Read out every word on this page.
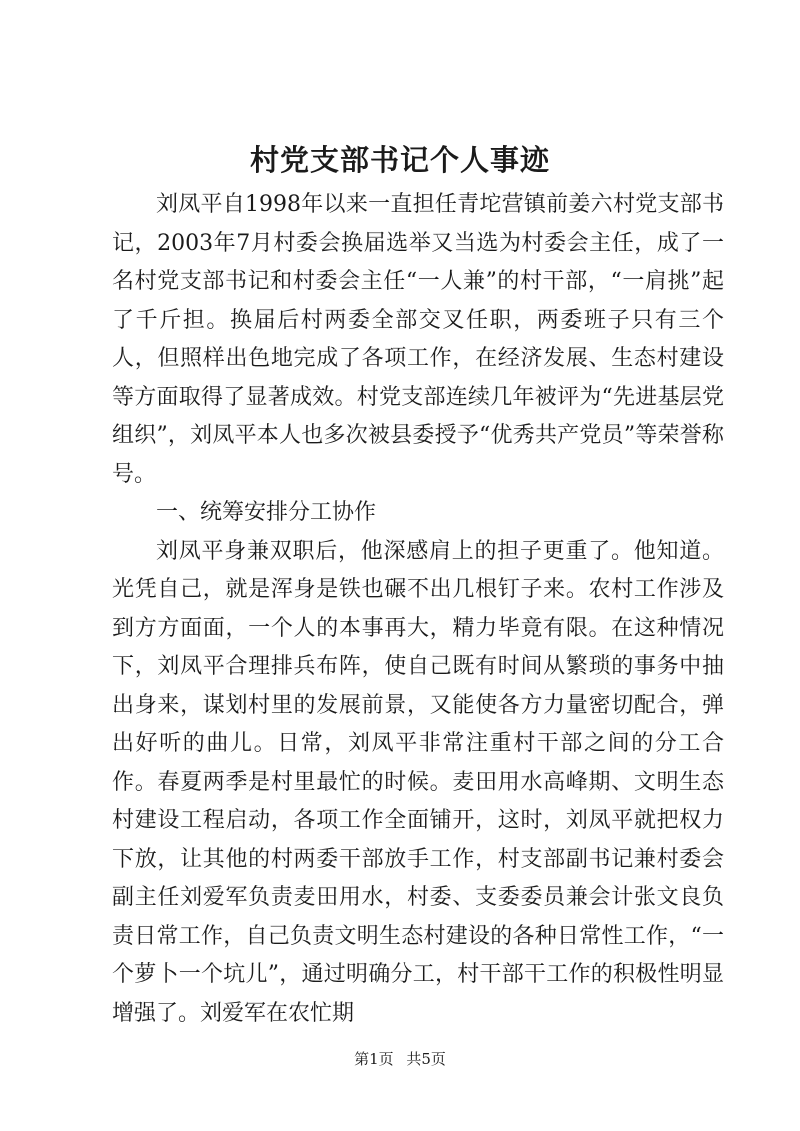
村党支部书记个人事迹

刘凤平自1998年以来一直担任青坨营镇前姜六村党支部书记，2003年7月村委会换届选举又当选为村委会主任，成了一名村党支部书记和村委会主任“一人兼”的村干部，“一肩挑”起了千斤担。换届后村两委全部交叉任职，两委班子只有三个人，但照样出色地完成了各项工作，在经济发展、生态村建设等方面取得了显著成效。村党支部连续几年被评为“先进基层党组织”，刘凤平本人也多次被县委授予“优秀共产党员”等荣誉称号。

一、统筹安排分工协作

刘凤平身兼双职后，他深感肩上的担子更重了。他知道。光凭自己，就是浑身是铁也碾不出几根钉子来。农村工作涉及到方方面面，一个人的本事再大，精力毕竟有限。在这种情况下，刘凤平合理排兵布阵，使自己既有时间从繁琐的事务中抽出身来，谋划村里的发展前景，又能使各方力量密切配合，弹出好听的曲儿。日常，刘凤平非常注重村干部之间的分工合作。春夏两季是村里最忙的时候。麦田用水高峰期、文明生态村建设工程启动，各项工作全面铺开，这时，刘凤平就把权力下放，让其他的村两委干部放手工作，村支部副书记兼村委会副主任刘爱军负责麦田用水，村委、支委委员兼会计张文良负责日常工作，自己负责文明生态村建设的各种日常性工作，“一个萝卜一个坑儿”，通过明确分工，村干部干工作的积极性明显增强了。刘爱军在农忙期

第1页 共5页
